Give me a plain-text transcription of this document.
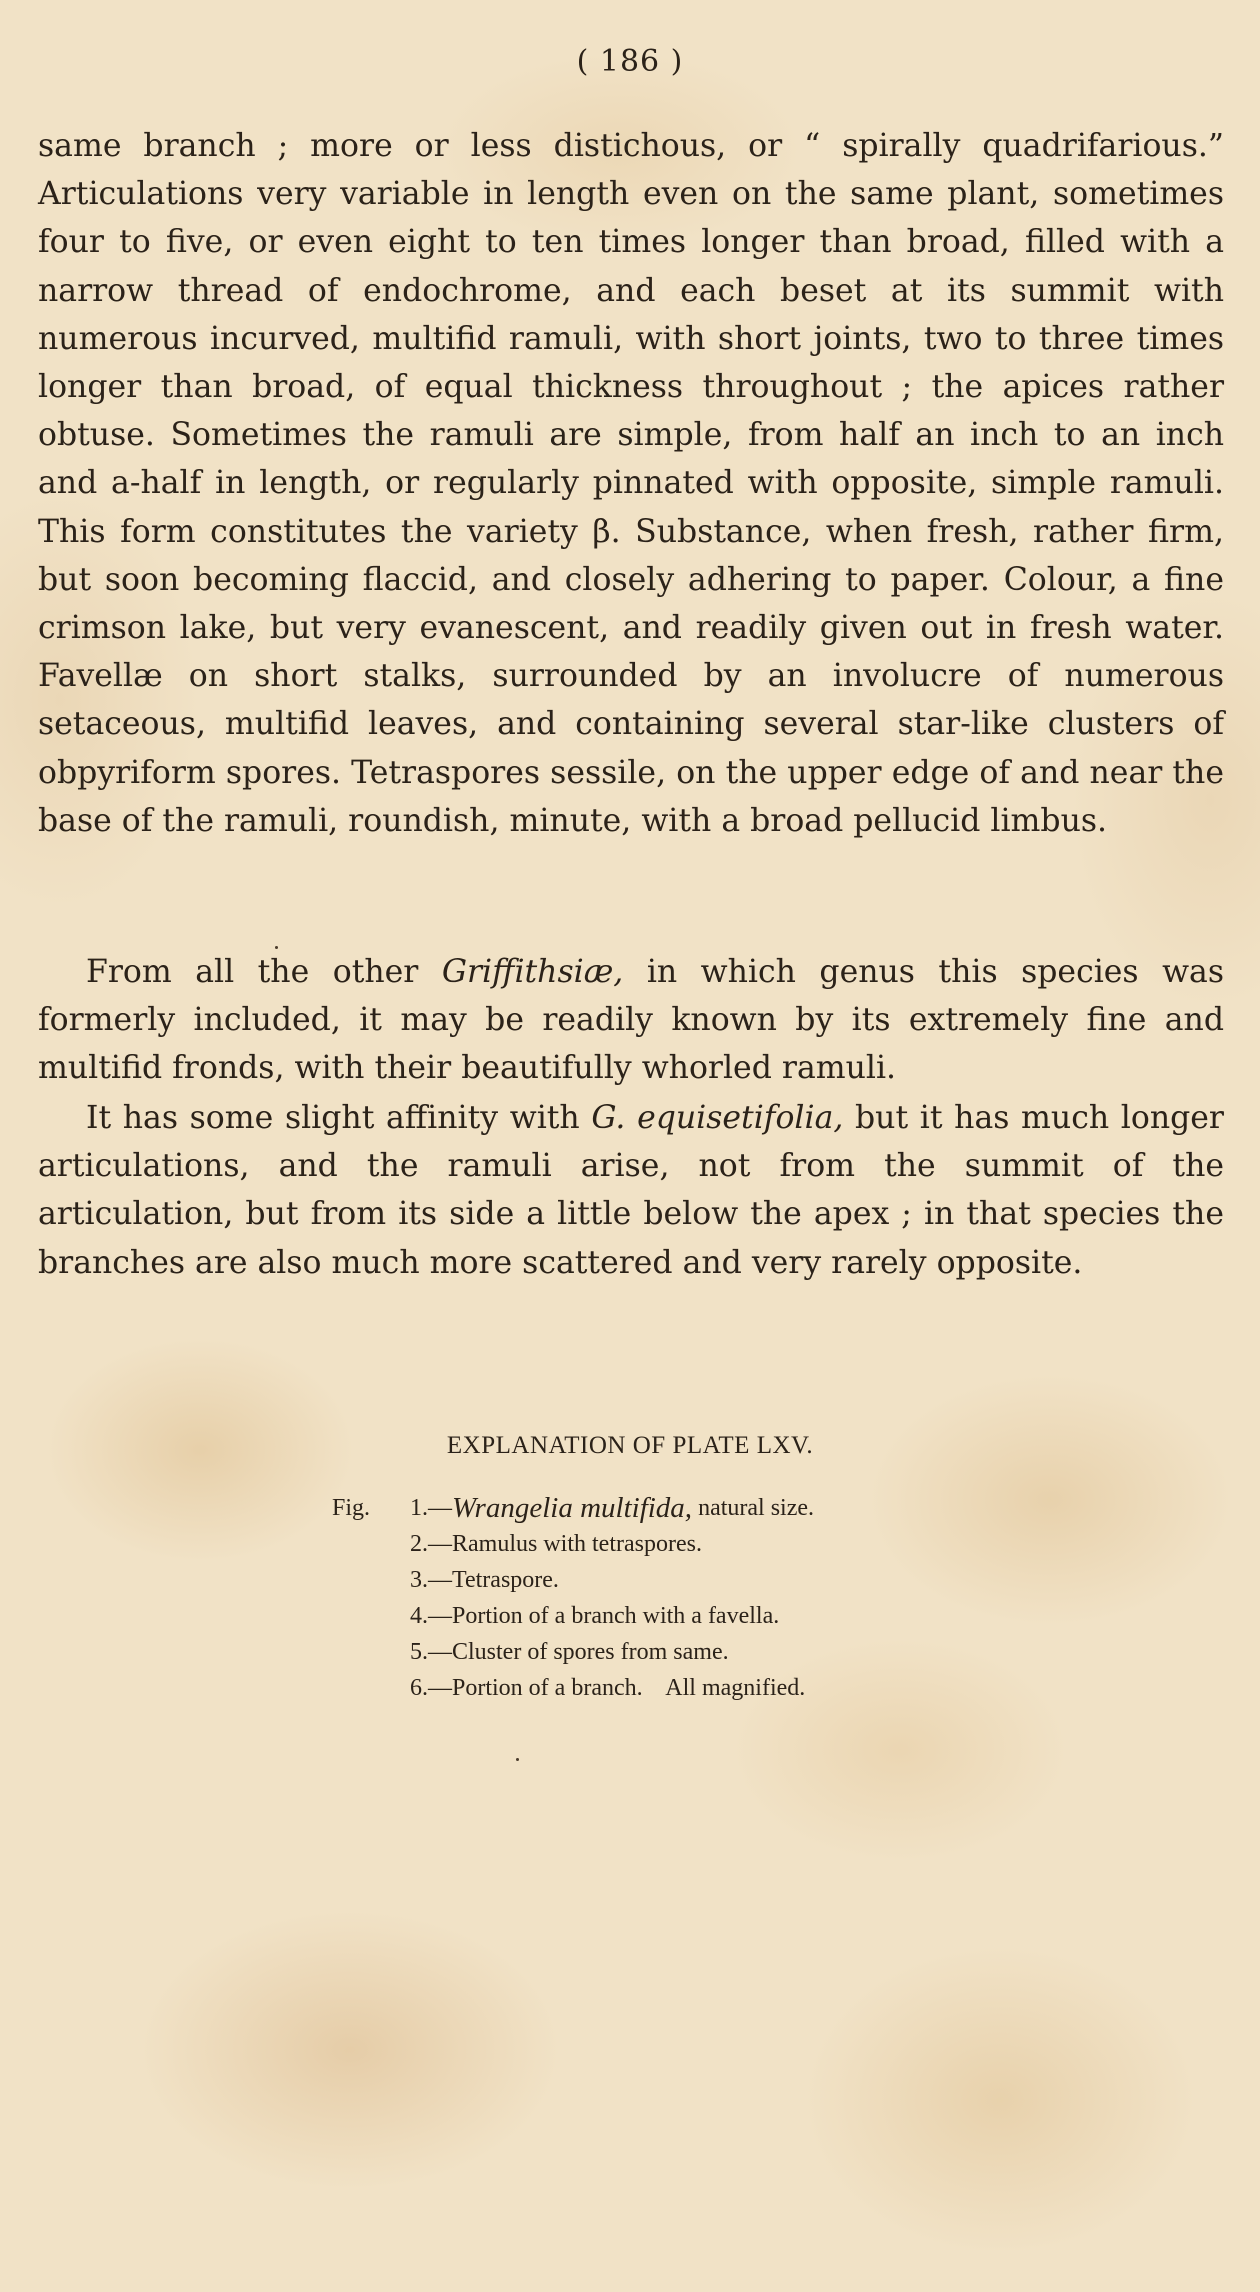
( 186 )
same branch ; more or less distichous, or “ spirally quadrifarious.” Articulations very variable in length even on the same plant, sometimes four to five, or even eight to ten times longer than broad, filled with a narrow thread of endochrome, and each beset at its summit with numerous incurved, multifid ramuli, with short joints, two to three times longer than broad, of equal thickness throughout ; the apices rather obtuse. Sometimes the ramuli are simple, from half an inch to an inch and a-half in length, or regularly pinnated with opposite, simple ramuli. This form constitutes the variety β. Substance, when fresh, rather firm, but soon becoming flaccid, and closely adhering to paper. Colour, a fine crimson lake, but very evanescent, and readily given out in fresh water. Favellæ on short stalks, surrounded by an involucre of numerous setaceous, multifid leaves, and containing several star-like clusters of obpyriform spores. Tetraspores sessile, on the upper edge of and near the base of the ramuli, roundish, minute, with a broad pellucid limbus.
From all the other Griffithsiæ, in which genus this species was formerly included, it may be readily known by its extremely fine and multifid fronds, with their beautifully whorled ramuli.
It has some slight affinity with G. equisetifolia, but it has much longer articulations, and the ramuli arise, not from the summit of the articulation, but from its side a little below the apex ; in that species the branches are also much more scattered and very rarely opposite.
EXPLANATION OF PLATE LXV.
Fig.	1. — Wrangelia multifida, natural size.
2. — Ramulus with tetraspores.
3. — Tetraspore.
4. — Portion of a branch with a favella.
5. — Cluster of spores from same.
6. — Portion of a branch.    All magnified.
